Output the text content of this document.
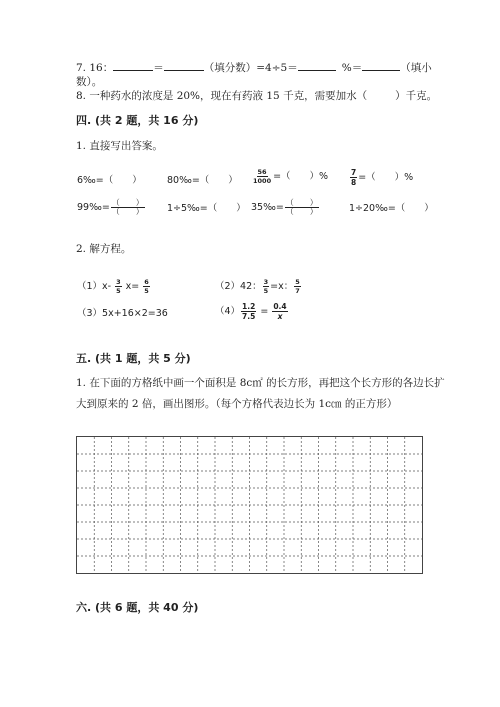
7. 16：	＝	（填分数）=4÷5＝	%＝	（填小
数）。
8. 一种药水的浓度是 20%，现在有药液 15 千克，需要加水（	）千克。
四. (共 2 题，共 16 分)
1. 直接写出答案。
6‰=（　　）	80‰=（　　） $\frac{56}{1000}$ =（　　）%	$\frac{7}{8}$ =（　　）%
99‰= $\frac{( )}{( )}$ 1÷5‰=（　　） 35‰= $\frac{( )}{( )}$	1÷20‰=（　　）
2. 解方程。
$(1)x- \frac{3}{5} x= \frac{6}{5}$	（2）42： $\frac{3}{5} =x$： $\frac{5}{7}$
（3）5x+16×2=36	$(4) \frac{1.2}{7.5} = \frac{0.4}{x}$
五. (共 1 题，共 5 分)
1. 在下面的方格纸中画一个面积是 8c㎡ 的长方形，再把这个长方形的各边长扩
大到原来的 2 倍，画出图形。（每个方格代表边长为 1c㎝ 的正方形）
六. (共 6 题，共 40 分)
